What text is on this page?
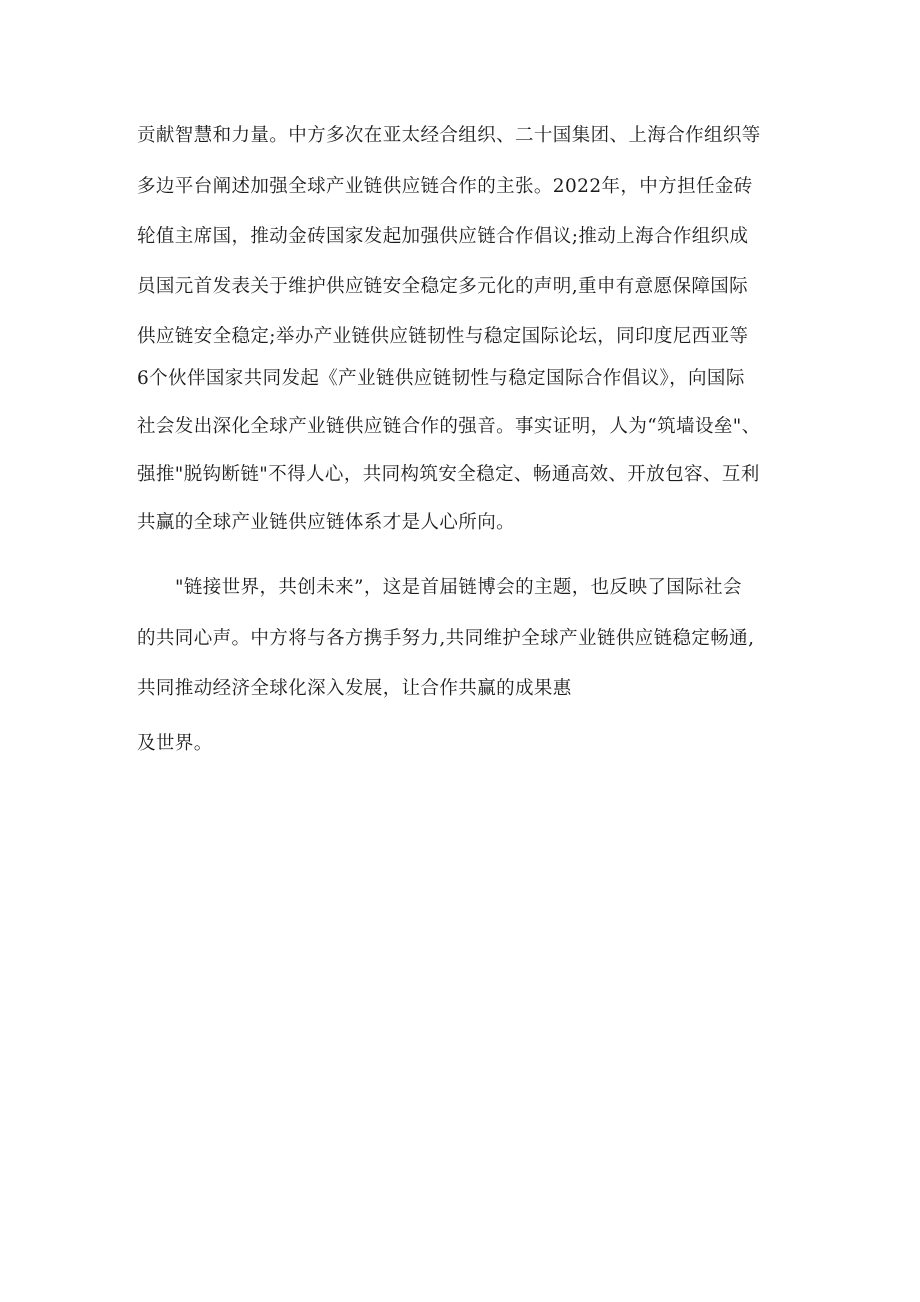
贡献智慧和力量。中方多次在亚太经合组织、二十国集团、上海合作组织等
多边平台阐述加强全球产业链供应链合作的主张。2022年，中方担任金砖
轮值主席国，推动金砖国家发起加强供应链合作倡议;推动上海合作组织成
员国元首发表关于维护供应链安全稳定多元化的声明,重申有意愿保障国际
供应链安全稳定;举办产业链供应链韧性与稳定国际论坛，同印度尼西亚等
6个伙伴国家共同发起《产业链供应链韧性与稳定国际合作倡议》，向国际
社会发出深化全球产业链供应链合作的强音。事实证明，人为“筑墙设垒"、
强推"脱钩断链"不得人心，共同构筑安全稳定、畅通高效、开放包容、互利
共赢的全球产业链供应链体系才是人心所向。
"链接世界，共创未来”，这是首届链博会的主题，也反映了国际社会
的共同心声。中方将与各方携手努力,共同维护全球产业链供应链稳定畅通,
共同推动经济全球化深入发展，让合作共赢的成果惠
及世界。
